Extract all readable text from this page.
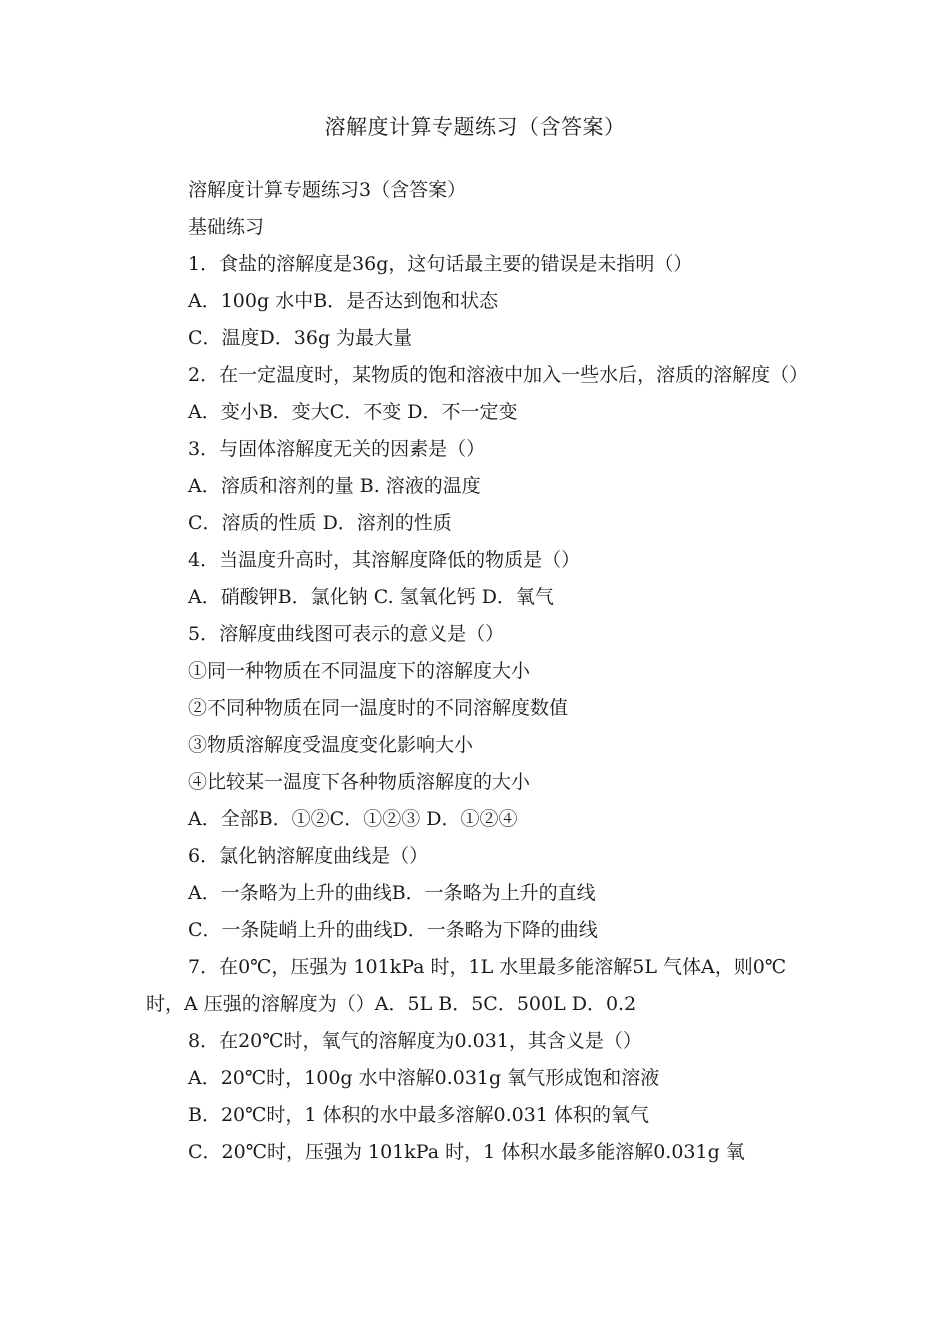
溶解度计算专题练习（含答案）

溶解度计算专题练习3（含答案）

基础练习

1．食盐的溶解度是36g，这句话最主要的错误是未指明（）

A．100g 水中B．是否达到饱和状态

C．温度D．36g 为最大量

2．在一定温度时，某物质的饱和溶液中加入一些水后，溶质的溶解度（）

A．变小B．变大C．不变 D．不一定变

3．与固体溶解度无关的因素是（）

A．溶质和溶剂的量 B. 溶液的温度

C．溶质的性质 D．溶剂的性质

4．当温度升高时，其溶解度降低的物质是（）

A．硝酸钾B．氯化钠 C. 氢氧化钙 D．氧气

5．溶解度曲线图可表示的意义是（）

①同一种物质在不同温度下的溶解度大小

②不同种物质在同一温度时的不同溶解度数值

③物质溶解度受温度变化影响大小

④比较某一温度下各种物质溶解度的大小

A．全部B．①②C．①②③ D．①②④

6．氯化钠溶解度曲线是（）

A．一条略为上升的曲线B．一条略为上升的直线

C．一条陡峭上升的曲线D．一条略为下降的曲线

7．在0℃，压强为 101kPa 时，1L 水里最多能溶解5L 气体A，则0℃时，A 压强的溶解度为（）A．5L B．5C．500L D．0.2

8．在20℃时，氧气的溶解度为0.031，其含义是（）

A．20℃时，100g 水中溶解0.031g 氧气形成饱和溶液

B．20℃时，1 体积的水中最多溶解0.031 体积的氧气

C．20℃时，压强为 101kPa 时，1 体积水最多能溶解0.031g 氧
